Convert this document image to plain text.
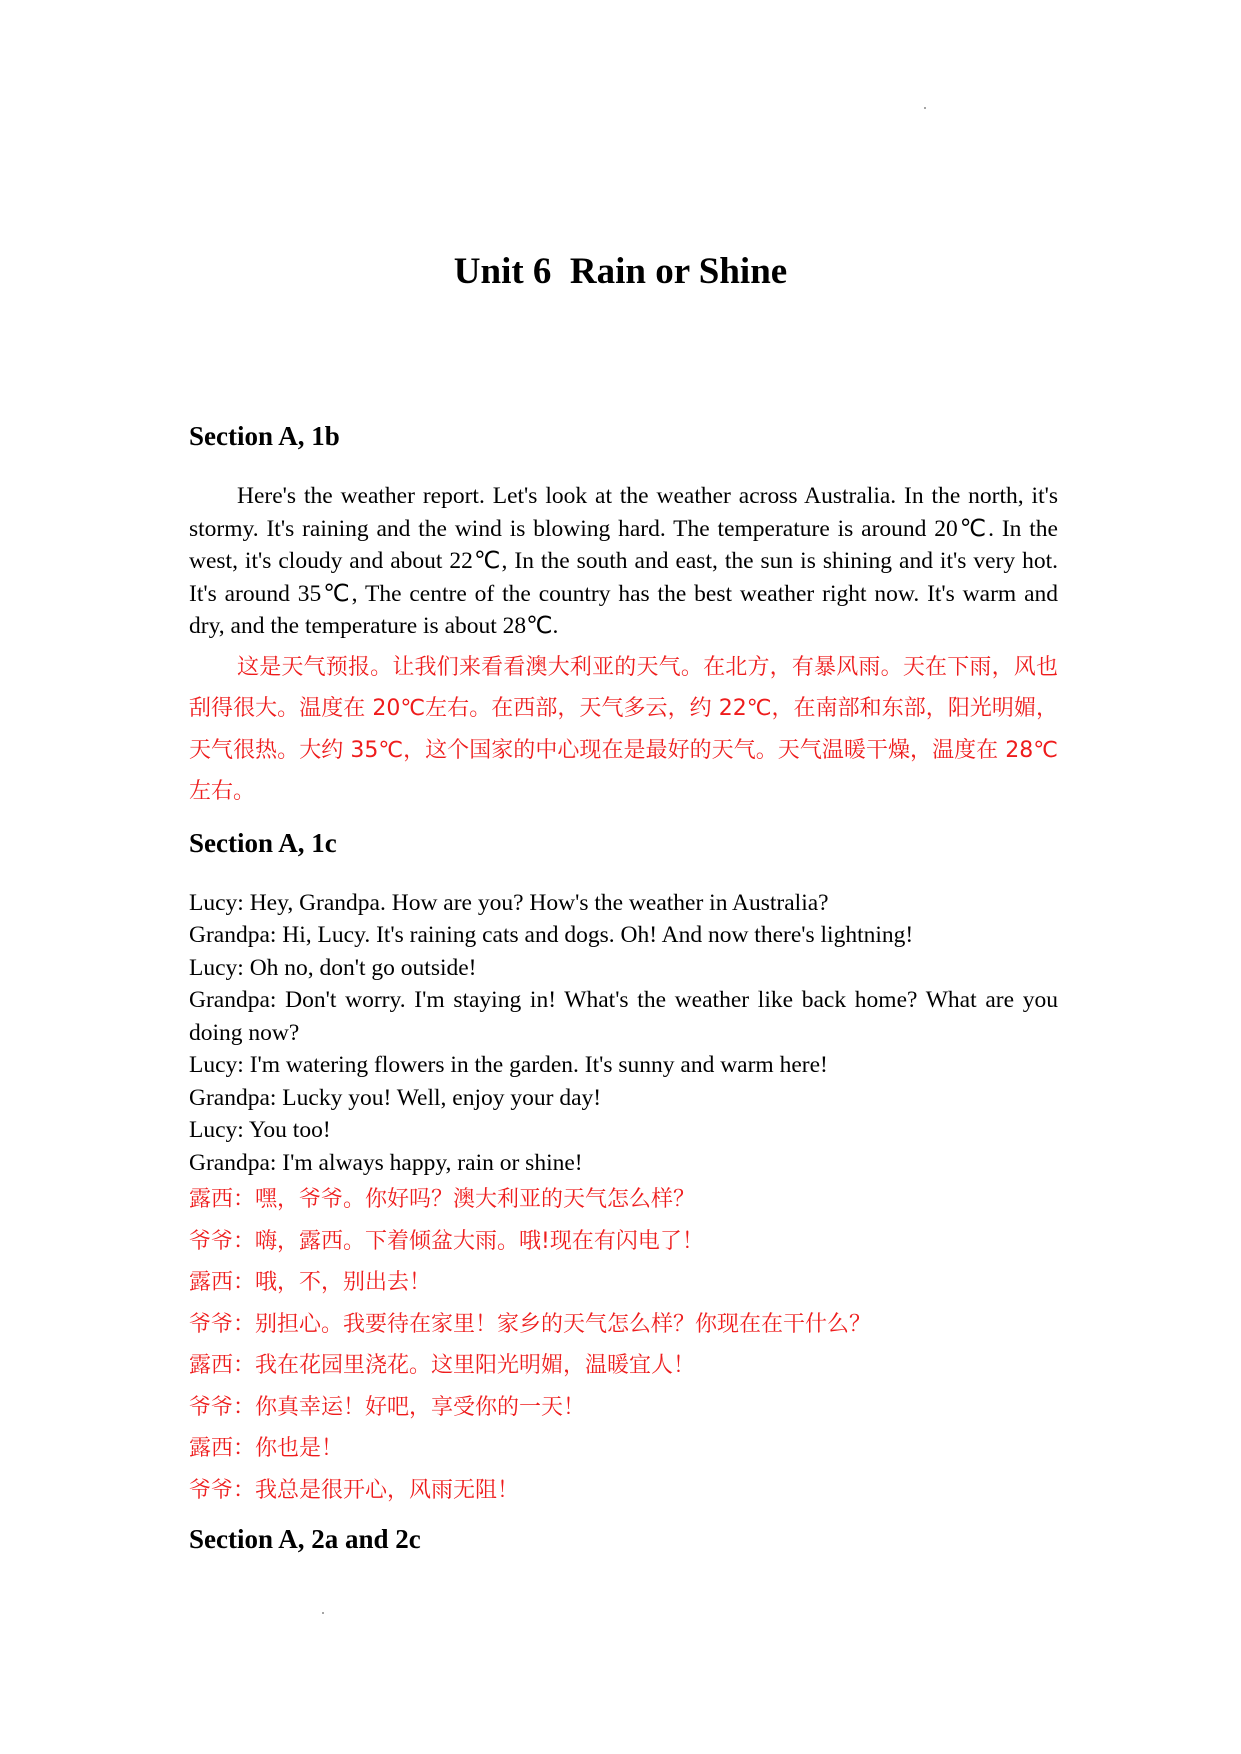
Unit 6  Rain or Shine
Section A, 1b

Here's the weather report. Let's look at the weather across Australia. In the north, it's stormy. It's raining and the wind is blowing hard. The temperature is around 20℃. In the west, it's cloudy and about 22℃, In the south and east, the sun is shining and it's very hot. It's around 35℃, The centre of the country has the best weather right now. It's warm and dry, and the temperature is about 28℃.

这是天气预报。让我们来看看澳大利亚的天气。在北方，有暴风雨。天在下雨，风也刮得很大。温度在 20℃左右。在西部，天气多云，约 22℃，在南部和东部，阳光明媚，天气很热。大约 35℃，这个国家的中心现在是最好的天气。天气温暖干燥，温度在 28℃左右。

Section A, 1c
Lucy: Hey, Grandpa. How are you? How's the weather in Australia?
Grandpa: Hi, Lucy. It's raining cats and dogs. Oh! And now there's lightning!
Lucy: Oh no, don't go outside!
Grandpa: Don't worry. I'm staying in! What's the weather like back home? What are you doing now?
Lucy: I'm watering flowers in the garden. It's sunny and warm here!
Grandpa: Lucky you! Well, enjoy your day!
Lucy: You too!
Grandpa: I'm always happy, rain or shine!
露西：嘿，爷爷。你好吗？澳大利亚的天气怎么样？
爷爷：嗨，露西。下着倾盆大雨。哦!现在有闪电了！
露西：哦，不，别出去！
爷爷：别担心。我要待在家里！家乡的天气怎么样？你现在在干什么？
露西：我在花园里浇花。这里阳光明媚，温暖宜人！
爷爷：你真幸运！好吧，享受你的一天！
露西：你也是！
爷爷：我总是很开心，风雨无阻！
Section A, 2a and 2c
